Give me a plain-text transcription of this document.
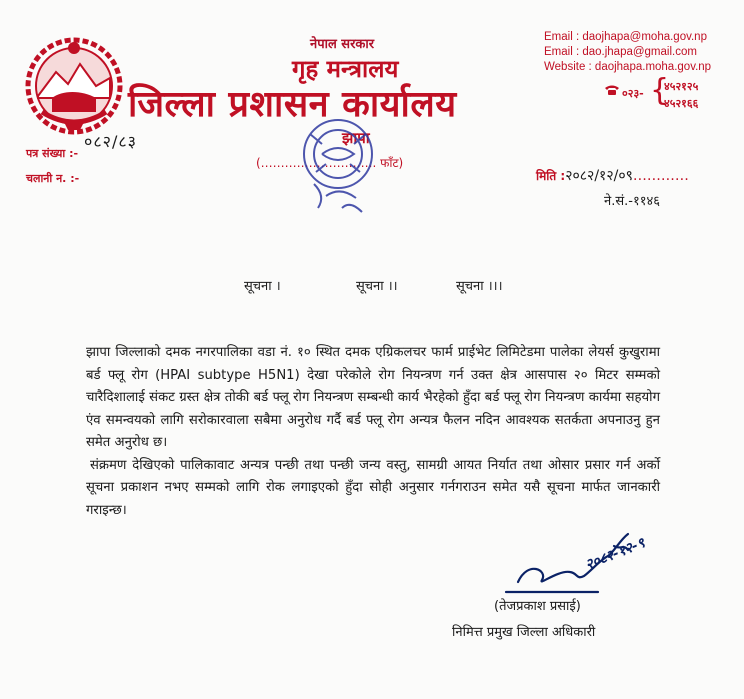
नेपाल सरकार
गृह मन्त्रालय
जिल्ला प्रशासन कार्यालय
झापा
(……………………….. फाँट)
Email : daojhapa@moha.gov.np
Email : dao.jhapa@gmail.com
Website : daojhapa.moha.gov.np
०२३- {
४५२१२५
४५२१६६
०८२/८३
पत्र संख्या :-
चलानी न. :-	मिति :२०८२/१२/०९…………
ने.सं.-११४६
सूचना ।	सूचना ।।	सूचना ।।।

झापा जिल्लाको दमक नगरपालिका वडा नं. १० स्थित दमक एग्रिकलचर फार्म प्राईभेट लिमिटेडमा पालेका लेयर्स कुखुरामा बर्ड फ्लू रोग (HPAI subtype H5N1) देखा परेकोले रोग नियन्त्रण गर्न उक्त क्षेत्र आसपास २० मिटर सम्मको चारैदिशालाई संकट ग्रस्त क्षेत्र तोकी बर्ड फ्लू रोग नियन्त्रण सम्बन्धी कार्य भैरहेको हुँदा बर्ड फ्लू रोग नियन्त्रण कार्यमा सहयोग एंव समन्वयको लागि सरोकारवाला सबैमा अनुरोध गर्दै बर्ड फ्लू रोग अन्यत्र फैलन नदिन आवश्यक सतर्कता अपनाउनु हुन समेत अनुरोध छ।

संक्रमण देखिएको पालिकावाट अन्यत्र पन्छी तथा पन्छी जन्य वस्तु, सामग्री आयत निर्यात तथा ओसार प्रसार गर्न अर्को सूचना प्रकाशन नभए सम्मको लागि रोक लगाइएको हुँदा सोही अनुसार गर्नगराउन समेत यसै सूचना मार्फत जानकारी गराइन्छ।

२०८२-१२-९
(तेजप्रकाश प्रसाई)
निमित्त प्रमुख जिल्ला अधिकारी
